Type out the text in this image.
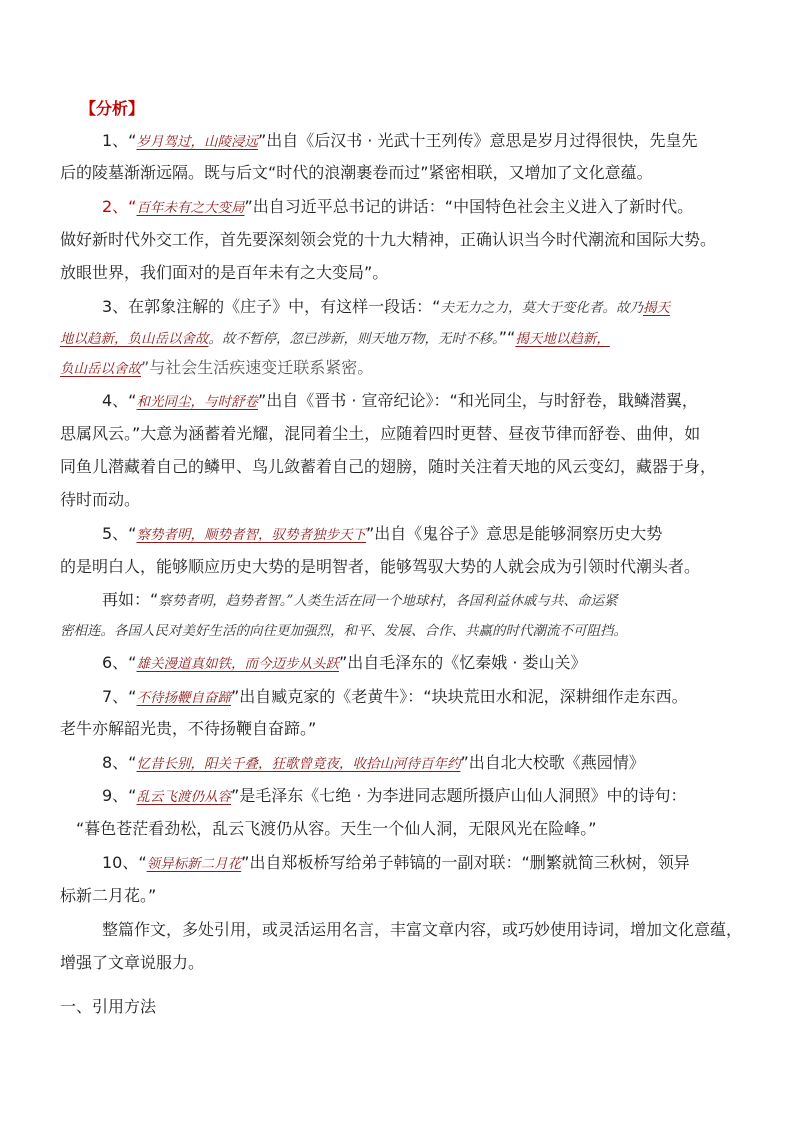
【分析】
1、“岁月驾过，山陵浸远”出自《后汉书 · 光武十王列传》意思是岁月过得很快，先皇先
后的陵墓渐渐远隔。既与后文“时代的浪潮裹卷而过”紧密相联，又增加了文化意蕴。
2、“百年未有之大变局”出自习近平总书记的讲话：“中国特色社会主义进入了新时代。
做好新时代外交工作，首先要深刻领会党的十九大精神，正确认识当今时代潮流和国际大势。
放眼世界，我们面对的是百年未有之大变局”。
3、在郭象注解的《庄子》中，有这样一段话：“夫无力之力，莫大于变化者。故乃揭天
地以趋新，负山岳以舍故。故不暂停，忽已涉新，则天地万物，无时不移。”“揭天地以趋新，
负山岳以舍故”与社会生活疾速变迁联系紧密。
4、“和光同尘，与时舒卷”出自《晋书 · 宣帝纪论》：“和光同尘，与时舒卷，戢鳞潜翼，
思属风云。”大意为涵蓄着光耀，混同着尘土，应随着四时更替、昼夜节律而舒卷、曲伸，如
同鱼儿潜藏着自己的鳞甲、鸟儿敛蓄着自己的翅膀，随时关注着天地的风云变幻，藏器于身，
待时而动。
5、“察势者明，顺势者智，驭势者独步天下”出自《鬼谷子》意思是能够洞察历史大势
的是明白人，能够顺应历史大势的是明智者，能够驾驭大势的人就会成为引领时代潮头者。
再如：“察势者明，趋势者智。”人类生活在同一个地球村，各国利益休戚与共、命运紧
密相连。各国人民对美好生活的向往更加强烈，和平、发展、合作、共赢的时代潮流不可阻挡。
6、“雄关漫道真如铁，而今迈步从头跃”出自毛泽东的《忆秦娥 · 娄山关》
7、“不待扬鞭自奋蹄”出自臧克家的《老黄牛》：“块块荒田水和泥，深耕细作走东西。
老牛亦解韶光贵，不待扬鞭自奋蹄。”
8、“忆昔长别，阳关千叠，狂歌曾竟夜，收拾山河待百年约”出自北大校歌《燕园情》
9、“乱云飞渡仍从容”是毛泽东《七绝 · 为李进同志题所摄庐山仙人洞照》中的诗句：
“暮色苍茫看劲松，乱云飞渡仍从容。天生一个仙人洞，无限风光在险峰。”
10、“领异标新二月花”出自郑板桥写给弟子韩镐的一副对联：“删繁就简三秋树，领异
标新二月花。”
整篇作文，多处引用，或灵活运用名言，丰富文章内容，或巧妙使用诗词，增加文化意蕴，
增强了文章说服力。
一、引用方法
